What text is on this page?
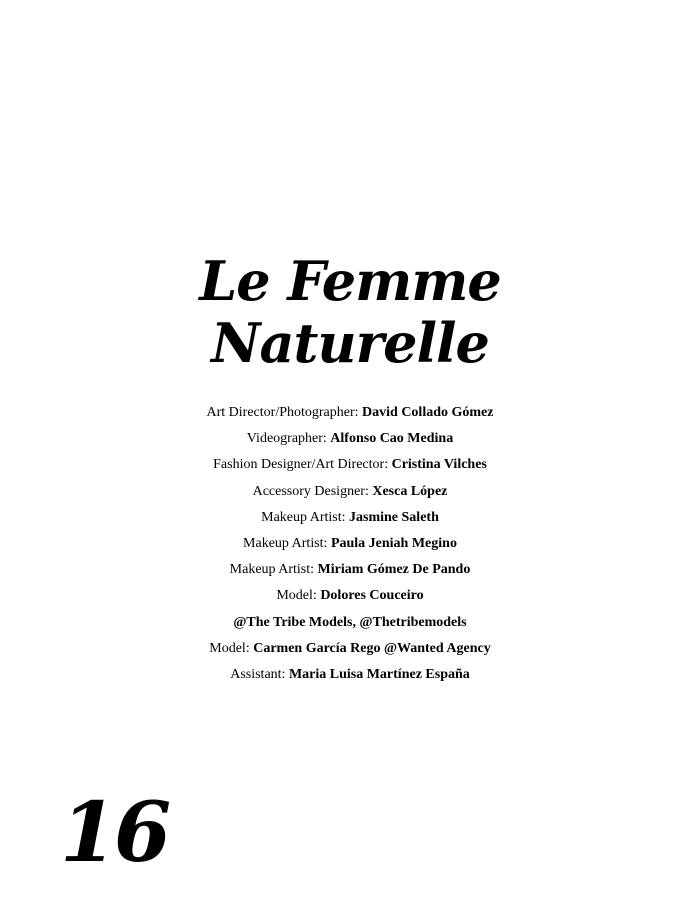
Le Femme
Naturelle
Art Director/Photographer: David Collado Gómez
Videographer: Alfonso Cao Medina
Fashion Designer/Art Director: Cristina Vilches
Accessory Designer: Xesca López
Makeup Artist: Jasmine Saleth
Makeup Artist: Paula Jeniah Megino
Makeup Artist: Miriam Gómez De Pando
Model: Dolores Couceiro
@The Tribe Models, @Thetribemodels
Model: Carmen García Rego @Wanted Agency
Assistant: Maria Luisa Martínez España
16
